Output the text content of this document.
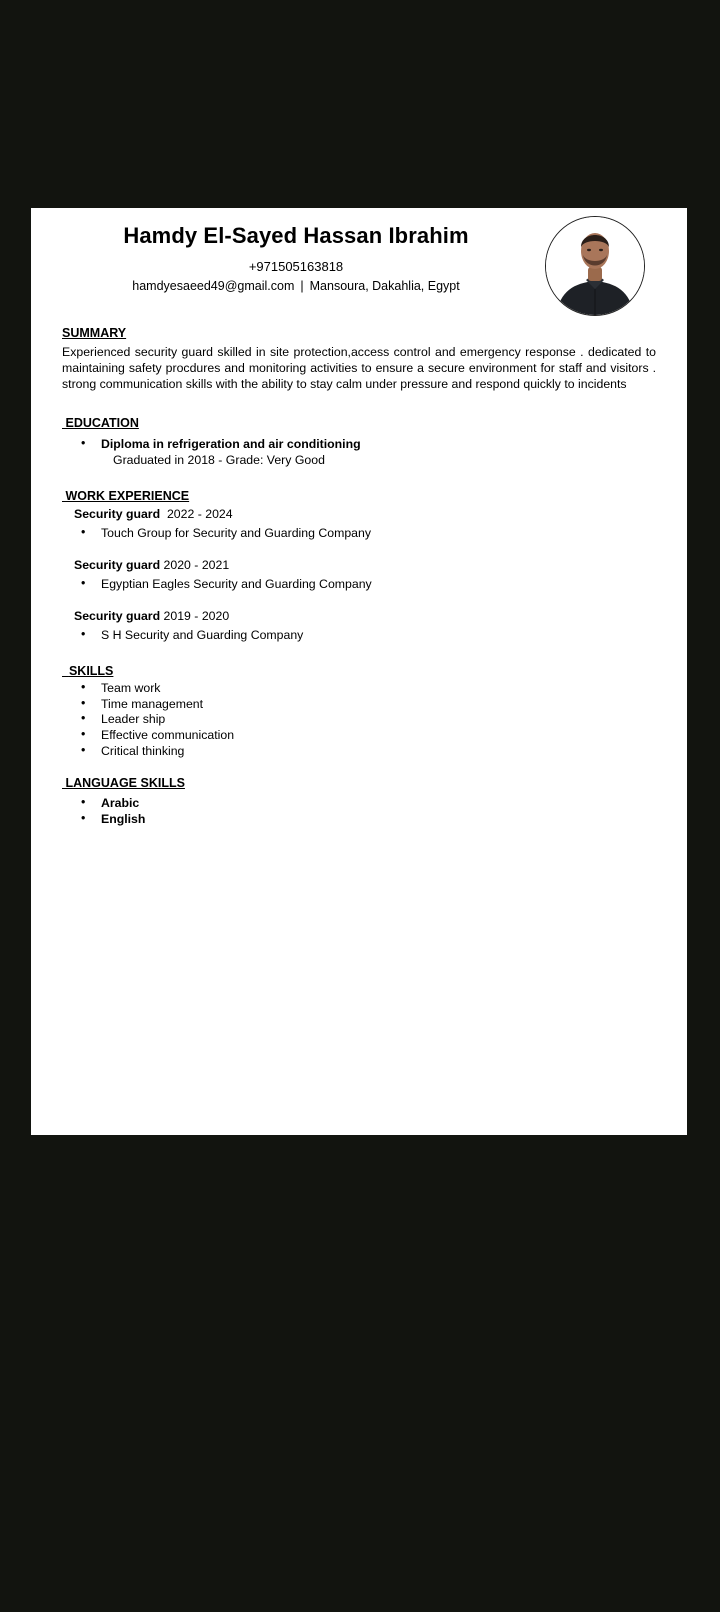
Hamdy El-Sayed Hassan Ibrahim
+971505163818
hamdyesaeed49@gmail.com | Mansoura, Dakahlia, Egypt
SUMMARY
Experienced security guard skilled in site protection,access control and emergency response . dedicated to maintaining safety procdures and monitoring activities to ensure a secure environment for staff and visitors . strong communication skills with the ability to stay calm under pressure and respond quickly to incidents
EDUCATION
• Diploma in refrigeration and air conditioning
Graduated in 2018 - Grade: Very Good
WORK EXPERIENCE
Security guard 2022 - 2024
• Touch Group for Security and Guarding Company
Security guard 2020 - 2021
• Egyptian Eagles Security and Guarding Company
Security guard 2019 - 2020
• S H Security and Guarding Company
SKILLS
• Team work
• Time management
• Leader ship
• Effective communication
• Critical thinking
LANGUAGE SKILLS
• Arabic
• English
